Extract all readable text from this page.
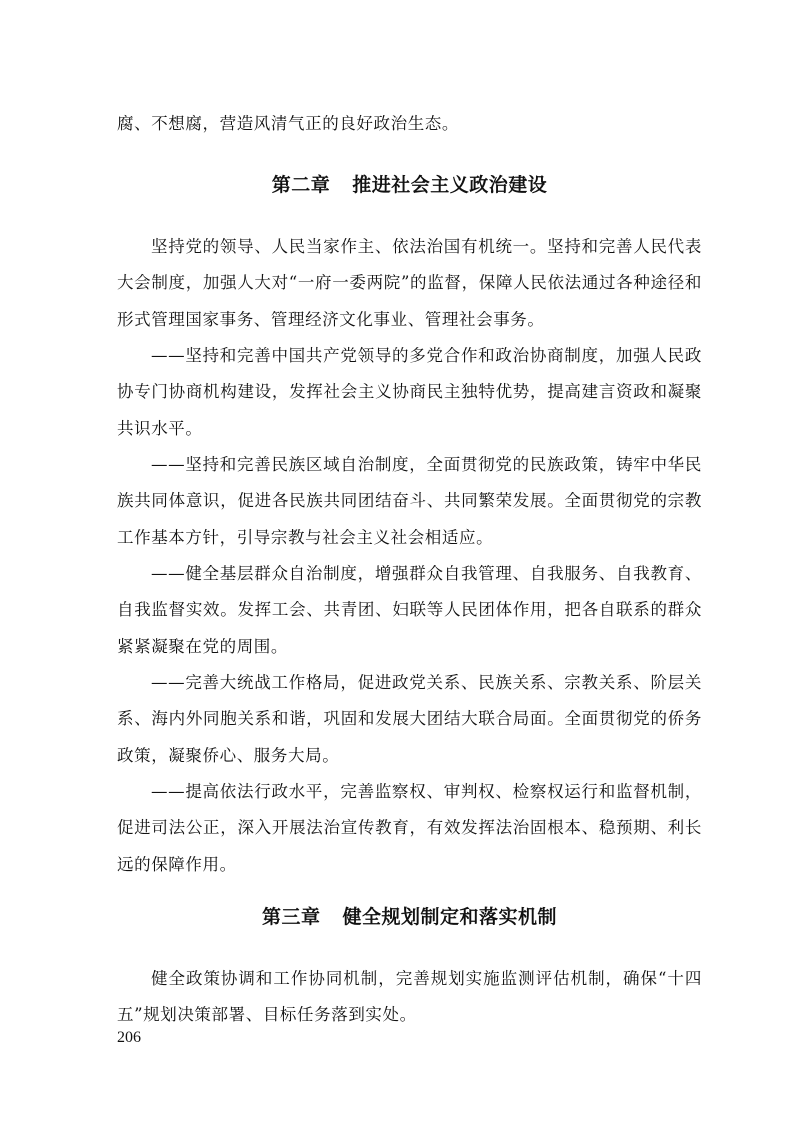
腐、不想腐，营造风清气正的良好政治生态。

第二章 推进社会主义政治建设

坚持党的领导、人民当家作主、依法治国有机统一。坚持和完善人民代表大会制度，加强人大对“一府一委两院”的监督，保障人民依法通过各种途径和形式管理国家事务、管理经济文化事业、管理社会事务。

——坚持和完善中国共产党领导的多党合作和政治协商制度，加强人民政协专门协商机构建设，发挥社会主义协商民主独特优势，提高建言资政和凝聚共识水平。

——坚持和完善民族区域自治制度，全面贯彻党的民族政策，铸牢中华民族共同体意识，促进各民族共同团结奋斗、共同繁荣发展。全面贯彻党的宗教工作基本方针，引导宗教与社会主义社会相适应。

——健全基层群众自治制度，增强群众自我管理、自我服务、自我教育、自我监督实效。发挥工会、共青团、妇联等人民团体作用，把各自联系的群众紧紧凝聚在党的周围。

——完善大统战工作格局，促进政党关系、民族关系、宗教关系、阶层关系、海内外同胞关系和谐，巩固和发展大团结大联合局面。全面贯彻党的侨务政策，凝聚侨心、服务大局。

——提高依法行政水平，完善监察权、审判权、检察权运行和监督机制，促进司法公正，深入开展法治宣传教育，有效发挥法治固根本、稳预期、利长远的保障作用。

第三章 健全规划制定和落实机制

健全政策协调和工作协同机制，完善规划实施监测评估机制，确保“十四五”规划决策部署、目标任务落到实处。

206
